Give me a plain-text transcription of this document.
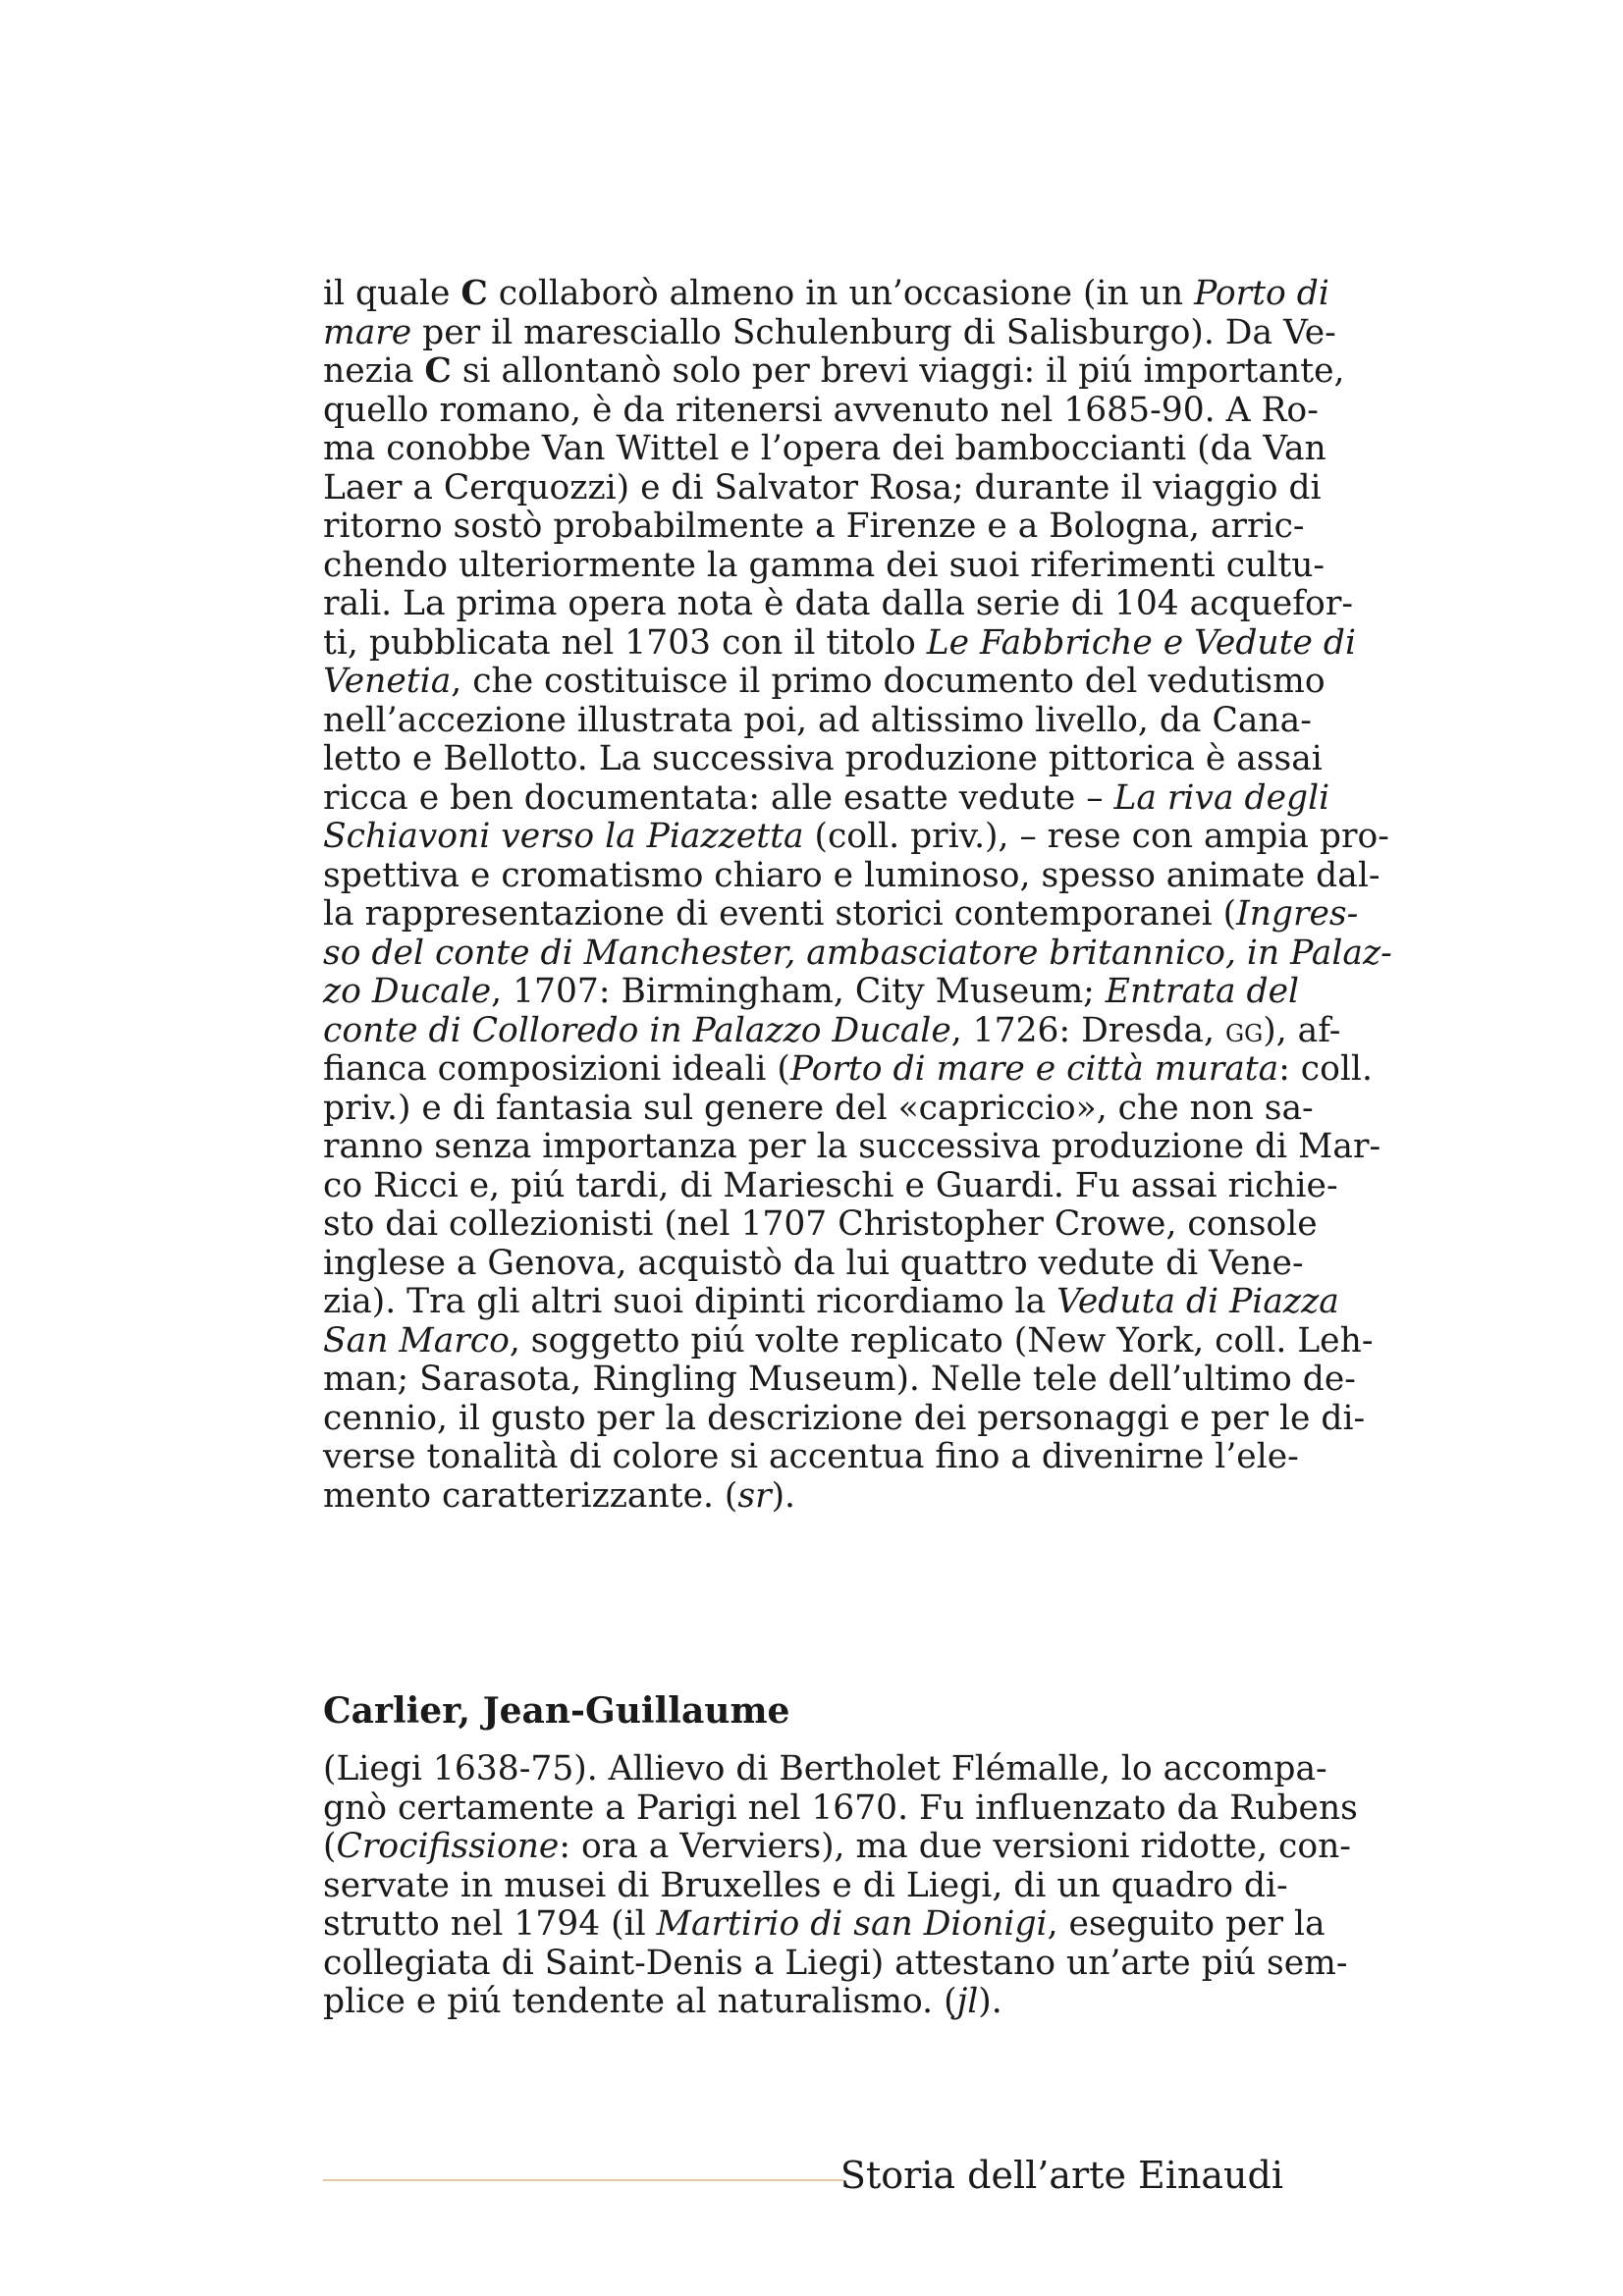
il quale C collaborò almeno in un’occasione (in un Porto di
mare per il maresciallo Schulenburg di Salisburgo). Da Ve-
nezia C si allontanò solo per brevi viaggi: il piú importante,
quello romano, è da ritenersi avvenuto nel 1685-90. A Ro-
ma conobbe Van Wittel e l’opera dei bamboccianti (da Van
Laer a Cerquozzi) e di Salvator Rosa; durante il viaggio di
ritorno sostò probabilmente a Firenze e a Bologna, arric-
chendo ulteriormente la gamma dei suoi riferimenti cultu-
rali. La prima opera nota è data dalla serie di 104 acquefor-
ti, pubblicata nel 1703 con il titolo Le Fabbriche e Vedute di
Venetia, che costituisce il primo documento del vedutismo
nell’accezione illustrata poi, ad altissimo livello, da Cana-
letto e Bellotto. La successiva produzione pittorica è assai
ricca e ben documentata: alle esatte vedute – La riva degli
Schiavoni verso la Piazzetta (coll. priv.), – rese con ampia pro-
spettiva e cromatismo chiaro e luminoso, spesso animate dal-
la rappresentazione di eventi storici contemporanei (Ingres-
so del conte di Manchester, ambasciatore britannico, in Palaz-
zo Ducale, 1707: Birmingham, City Museum; Entrata del
conte di Colloredo in Palazzo Ducale, 1726: Dresda, gg), af-
fianca composizioni ideali (Porto di mare e città murata: coll.
priv.) e di fantasia sul genere del «capriccio», che non sa-
ranno senza importanza per la successiva produzione di Mar-
co Ricci e, piú tardi, di Marieschi e Guardi. Fu assai richie-
sto dai collezionisti (nel 1707 Christopher Crowe, console
inglese a Genova, acquistò da lui quattro vedute di Vene-
zia). Tra gli altri suoi dipinti ricordiamo la Veduta di Piazza
San Marco, soggetto piú volte replicato (New York, coll. Leh-
man; Sarasota, Ringling Museum). Nelle tele dell’ultimo de-
cennio, il gusto per la descrizione dei personaggi e per le di-
verse tonalità di colore si accentua fino a divenirne l’ele-
mento caratterizzante. (sr).
Carlier, Jean-Guillaume
(Liegi 1638-75). Allievo di Bertholet Flémalle, lo accompa-
gnò certamente a Parigi nel 1670. Fu influenzato da Rubens
(Crocifissione: ora a Verviers), ma due versioni ridotte, con-
servate in musei di Bruxelles e di Liegi, di un quadro di-
strutto nel 1794 (il Martirio di san Dionigi, eseguito per la
collegiata di Saint-Denis a Liegi) attestano un’arte piú sem-
plice e piú tendente al naturalismo. (jl).
Storia dell’arte Einaudi
